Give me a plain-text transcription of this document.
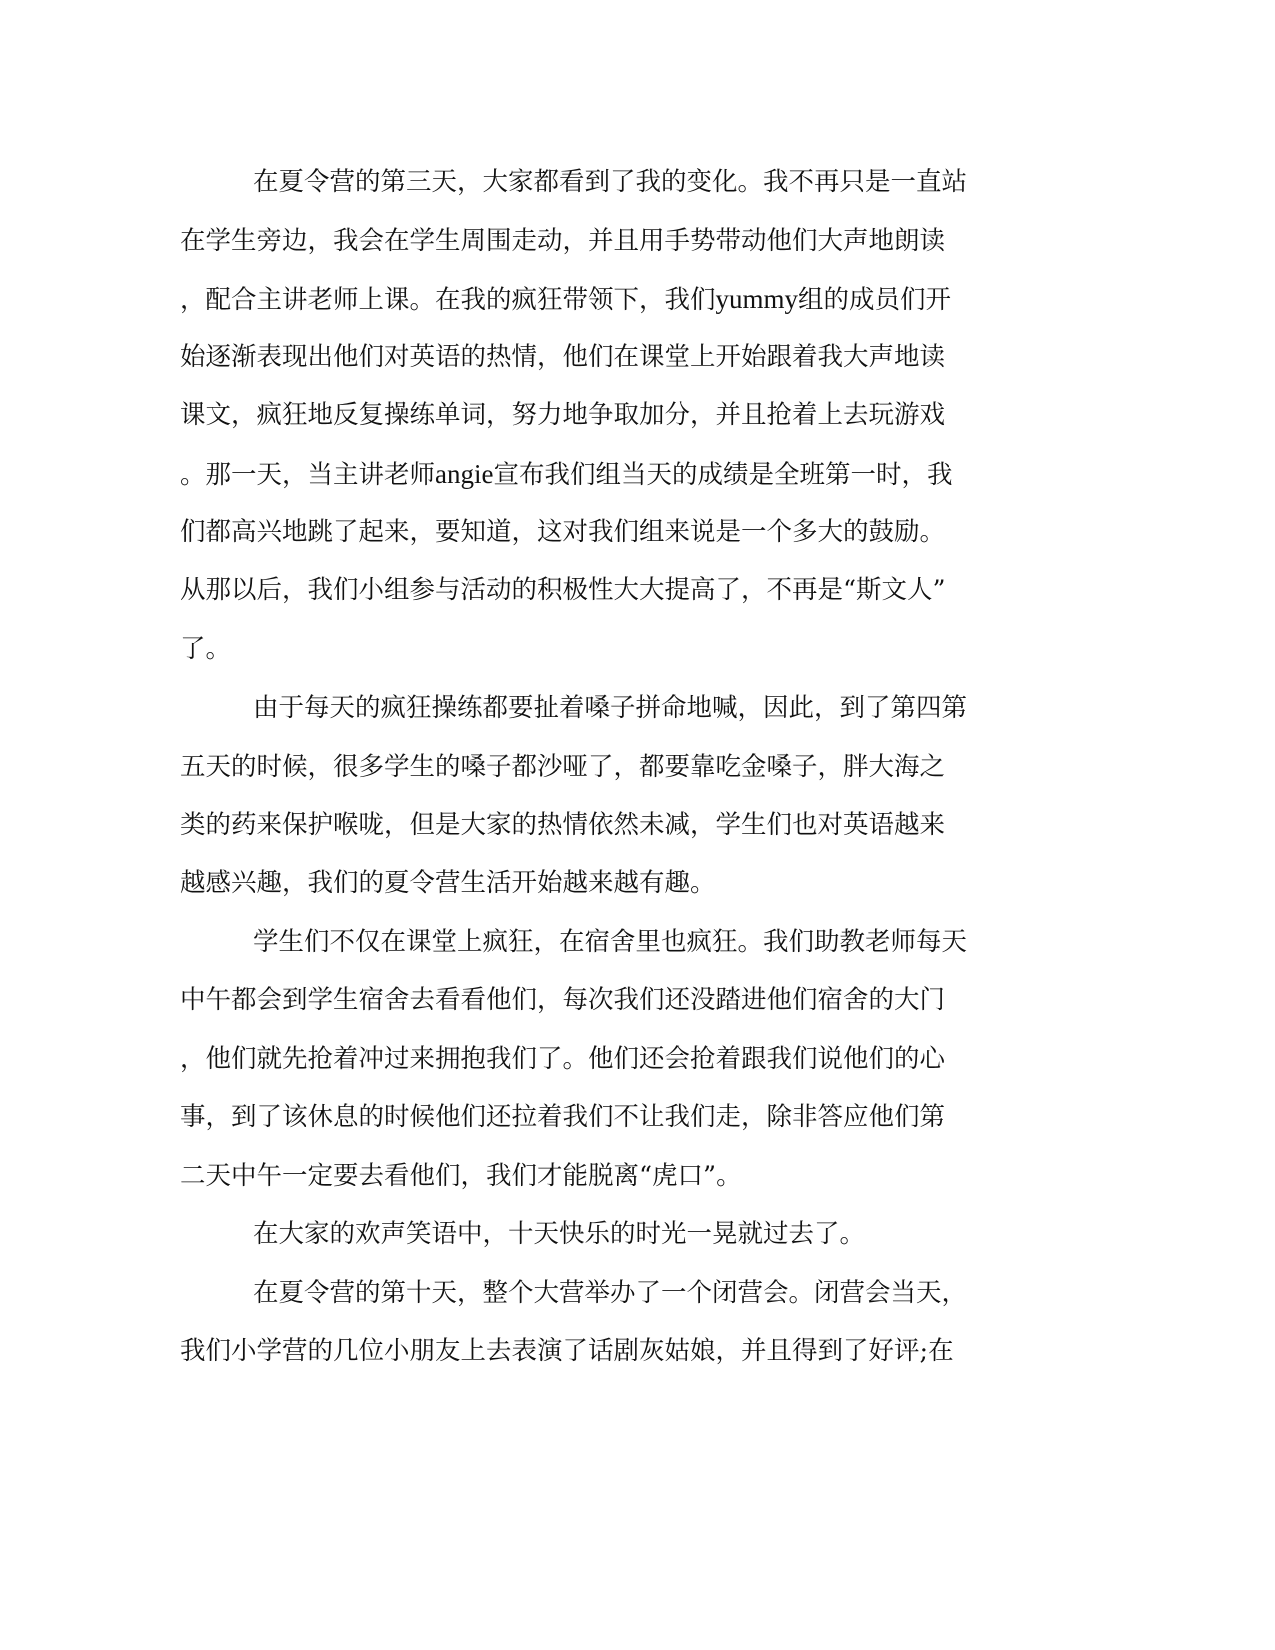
在夏令营的第三天，大家都看到了我的变化。我不再只是一直站
在学生旁边，我会在学生周围走动，并且用手势带动他们大声地朗读
，配合主讲老师上课。在我的疯狂带领下，我们yummy组的成员们开
始逐渐表现出他们对英语的热情，他们在课堂上开始跟着我大声地读
课文，疯狂地反复操练单词，努力地争取加分，并且抢着上去玩游戏
。那一天，当主讲老师angie宣布我们组当天的成绩是全班第一时，我
们都高兴地跳了起来，要知道，这对我们组来说是一个多大的鼓励。
从那以后，我们小组参与活动的积极性大大提高了，不再是“斯文人”
了。
由于每天的疯狂操练都要扯着嗓子拼命地喊，因此，到了第四第
五天的时候，很多学生的嗓子都沙哑了，都要靠吃金嗓子，胖大海之
类的药来保护喉咙，但是大家的热情依然未减，学生们也对英语越来
越感兴趣，我们的夏令营生活开始越来越有趣。
学生们不仅在课堂上疯狂，在宿舍里也疯狂。我们助教老师每天
中午都会到学生宿舍去看看他们，每次我们还没踏进他们宿舍的大门
，他们就先抢着冲过来拥抱我们了。他们还会抢着跟我们说他们的心
事，到了该休息的时候他们还拉着我们不让我们走，除非答应他们第
二天中午一定要去看他们，我们才能脱离“虎口”。
在大家的欢声笑语中，十天快乐的时光一晃就过去了。
在夏令营的第十天，整个大营举办了一个闭营会。闭营会当天，
我们小学营的几位小朋友上去表演了话剧灰姑娘，并且得到了好评;在
